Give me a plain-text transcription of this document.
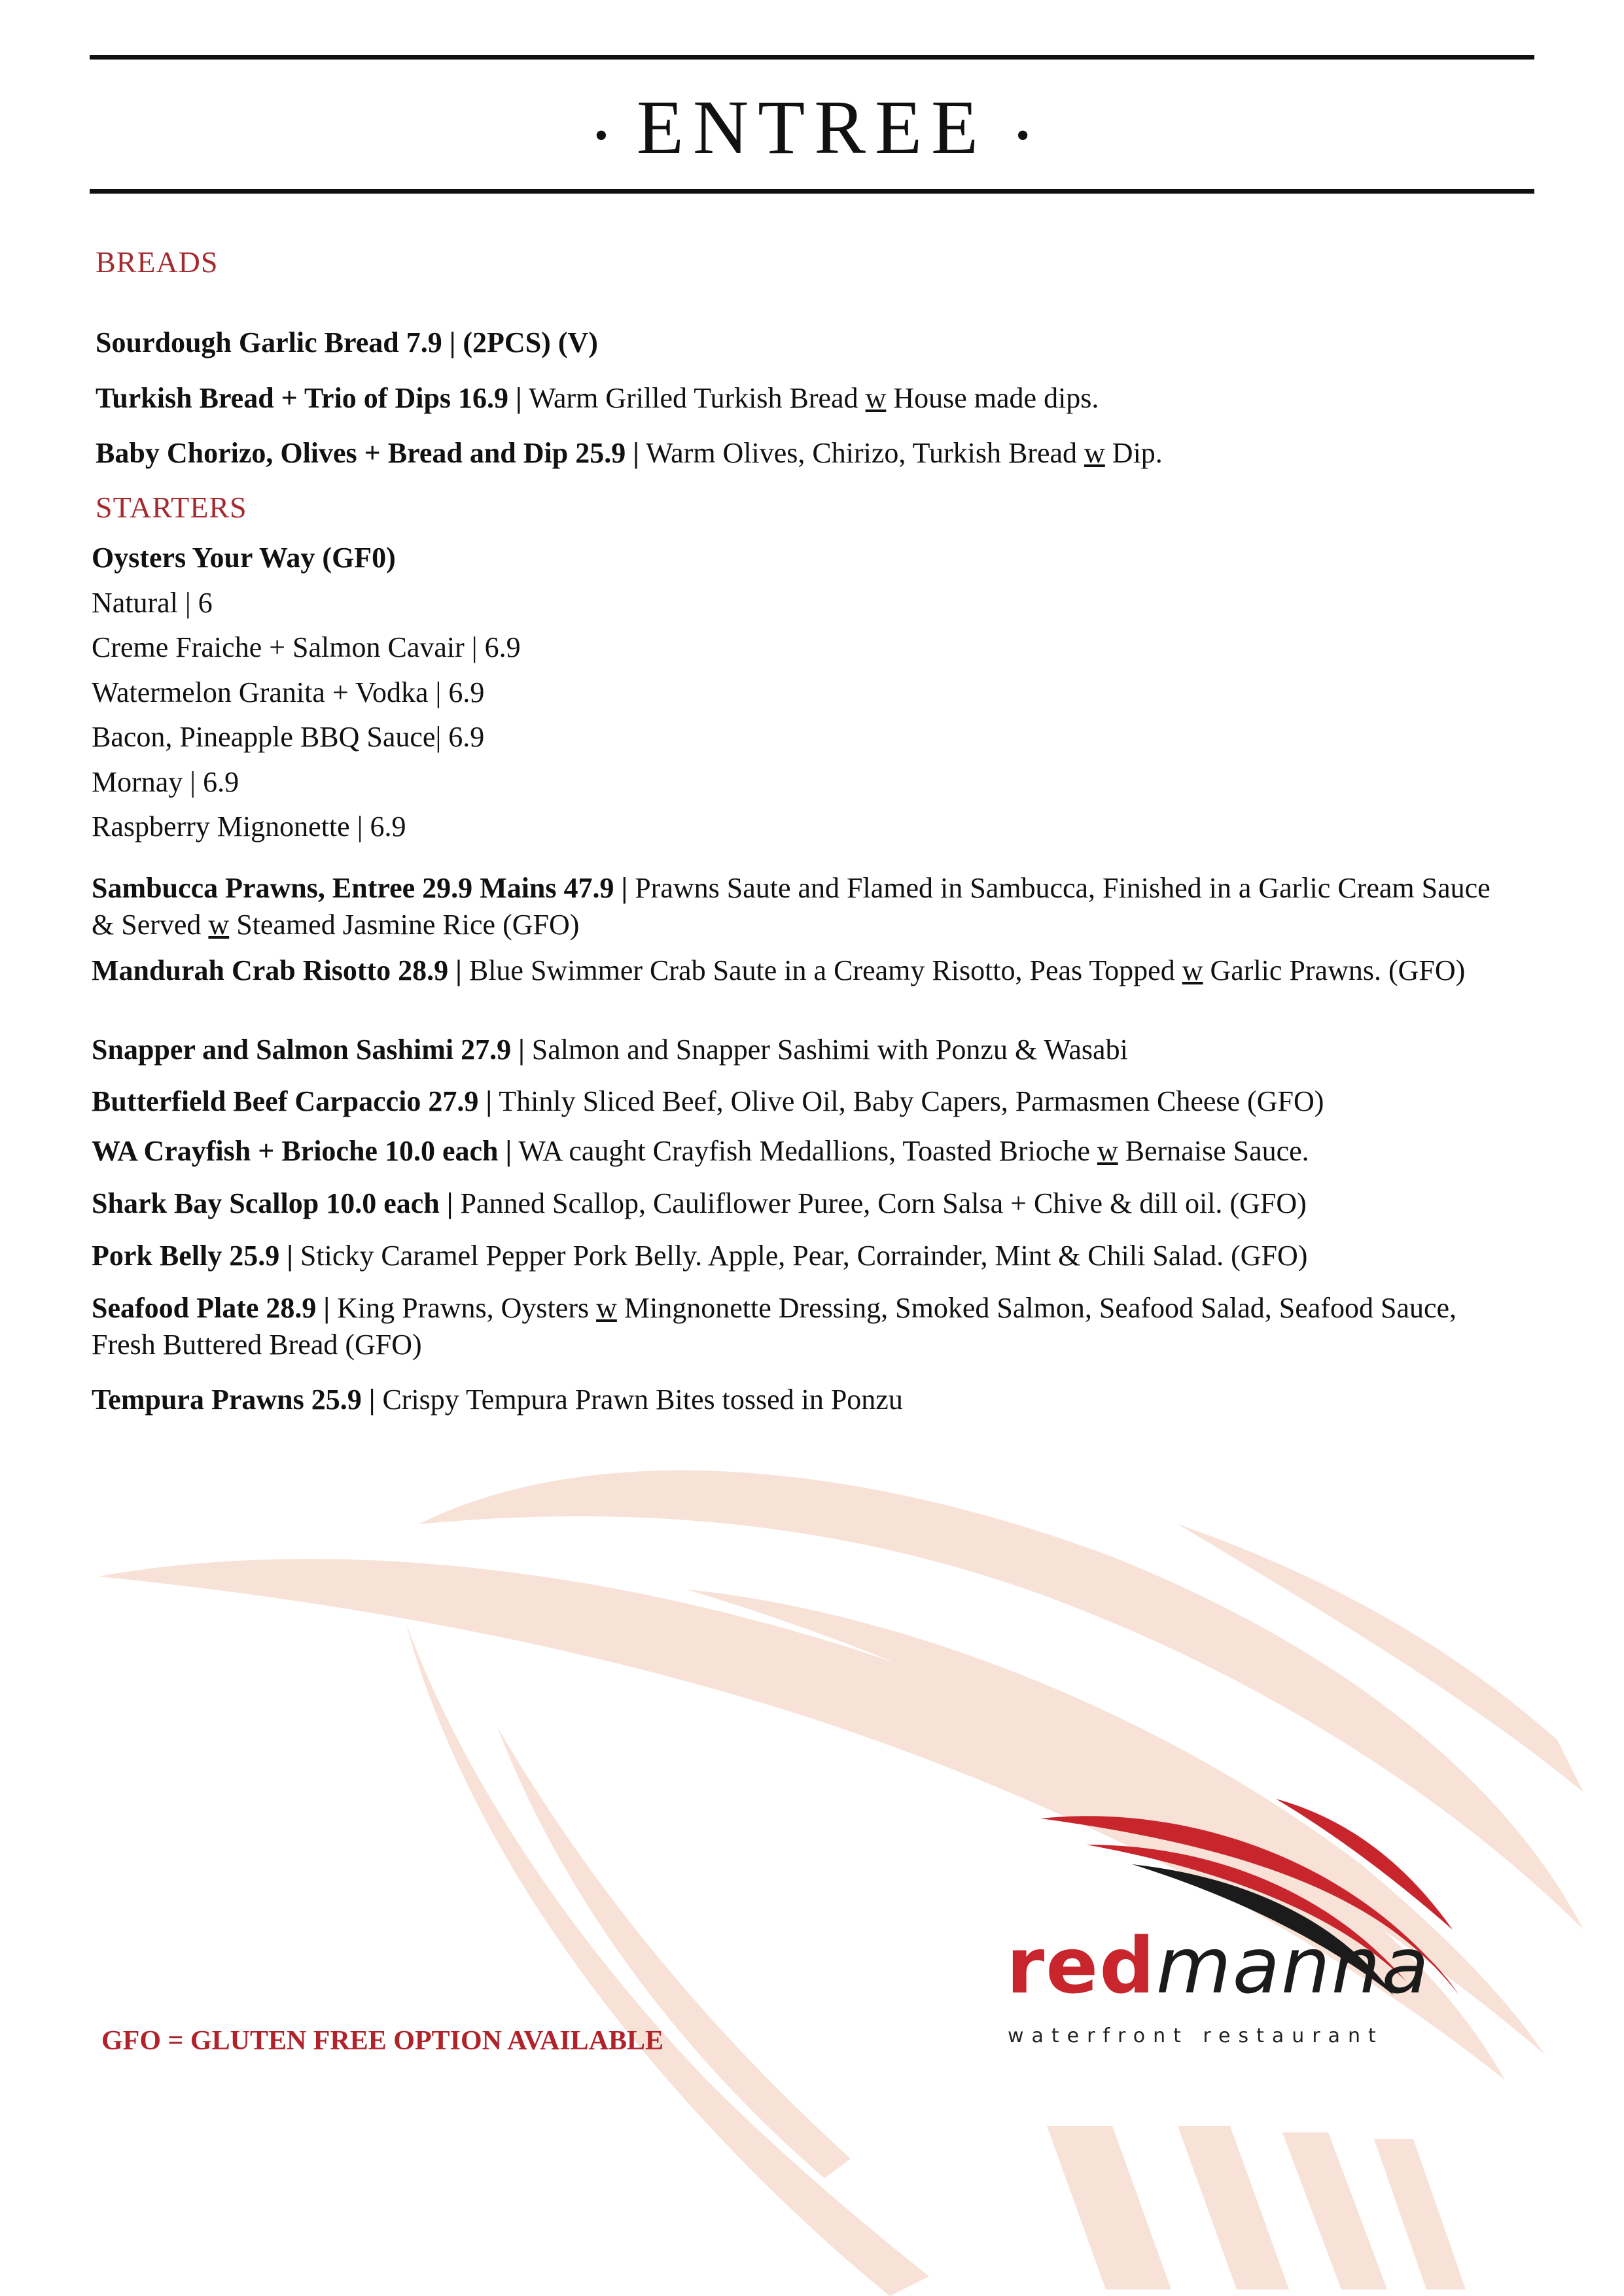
• ENTREE •
BREADS
Sourdough Garlic Bread 7.9 | (2PCS) (V)
Turkish Bread + Trio of Dips 16.9 | Warm Grilled Turkish Bread w House made dips.
Baby Chorizo, Olives + Bread and Dip 25.9 | Warm Olives, Chirizo, Turkish Bread w Dip.
STARTERS
Oysters Your Way (GF0)
Natural | 6
Creme Fraiche + Salmon Cavair | 6.9
Watermelon Granita + Vodka | 6.9
Bacon, Pineapple BBQ Sauce| 6.9
Mornay | 6.9
Raspberry Mignonette | 6.9
Sambucca Prawns, Entree 29.9 Mains 47.9 | Prawns Saute and Flamed in Sambucca, Finished in a Garlic Cream Sauce & Served w Steamed Jasmine Rice (GFO)
Mandurah Crab Risotto 28.9 | Blue Swimmer Crab Saute in a Creamy Risotto, Peas Topped w Garlic Prawns. (GFO)
Snapper and Salmon Sashimi 27.9 | Salmon and Snapper Sashimi with Ponzu & Wasabi
Butterfield Beef Carpaccio 27.9 | Thinly Sliced Beef, Olive Oil, Baby Capers, Parmasmen Cheese (GFO)
WA Crayfish + Brioche 10.0 each | WA caught Crayfish Medallions, Toasted Brioche w Bernaise Sauce.
Shark Bay Scallop 10.0 each | Panned Scallop, Cauliflower Puree, Corn Salsa + Chive & dill oil. (GFO)
Pork Belly 25.9 | Sticky Caramel Pepper Pork Belly. Apple, Pear, Corrainder, Mint & Chili Salad. (GFO)
Seafood Plate 28.9 | King Prawns, Oysters w Mingnonette Dressing, Smoked Salmon, Seafood Salad, Seafood Sauce, Fresh Buttered Bread (GFO)
Tempura Prawns 25.9 | Crispy Tempura Prawn Bites tossed in Ponzu
GFO = GLUTEN FREE OPTION AVAILABLE
redmanna
waterfront restaurant
